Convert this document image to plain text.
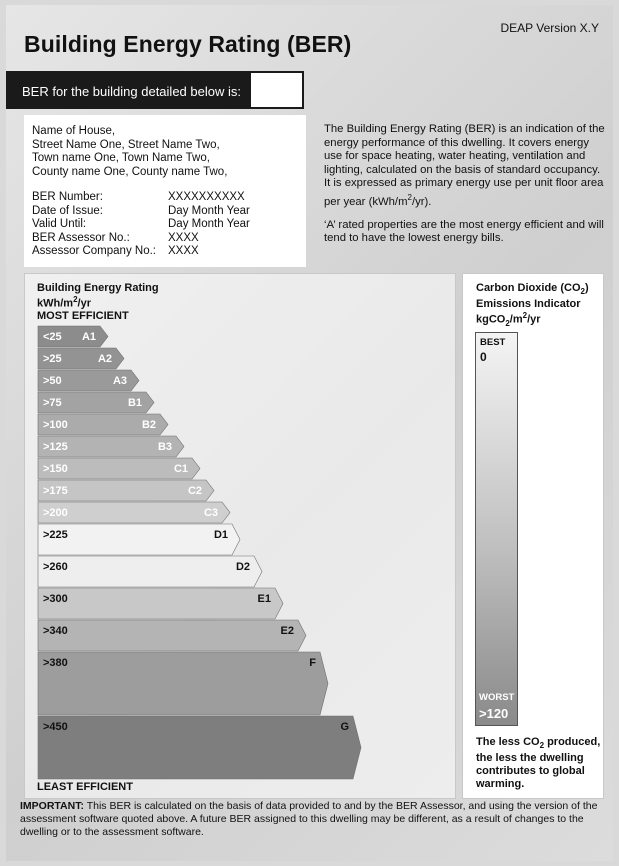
Building Energy Rating (BER)
DEAP Version X.Y
BER for the building detailed below is:
Name of House,
Street Name One, Street Name Two,
Town name One, Town Name Two,
County name One, County name Two,
BER Number:	XXXXXXXXXX
Date of Issue:	Day Month Year
Valid Until:	Day Month Year
BER Assessor No.:	XXXX
Assessor Company No.:	XXXX

The Building Energy Rating (BER) is an indication of the energy performance of this dwelling. It covers energy use for space heating, water heating, ventilation and lighting, calculated on the basis of standard occupancy. It is expressed as primary energy use per unit floor area per year $(kWh/m^2/yr)$.

‘A’ rated properties are the most energy efficient and will tend to have the lowest energy bills.

Building Energy Rating
kWh/$m^2/yr$
MOST EFFICIENT
<25 A1
>25	A2
>50	A3
>75	B1
>100	B2
>125	B3
>150	C1
>175	C2
>200	C3
>225	D1
>260	D2
>300	E1
>340	E2
>380	F
>450	G
LEAST EFFICIENT
Carbon Dioxide $(CO_2)$
Emissions Indicator
$kgCO_2/m^2/yr$
BEST
0
WORST
>120
The less $CO_2$ produced, the less the dwelling contributes to global warming.
IMPORTANT: This BER is calculated on the basis of data provided to and by the BER Assessor, and using the version of the assessment software quoted above. A future BER assigned to this dwelling may be different, as a result of changes to the dwelling or to the assessment software.
